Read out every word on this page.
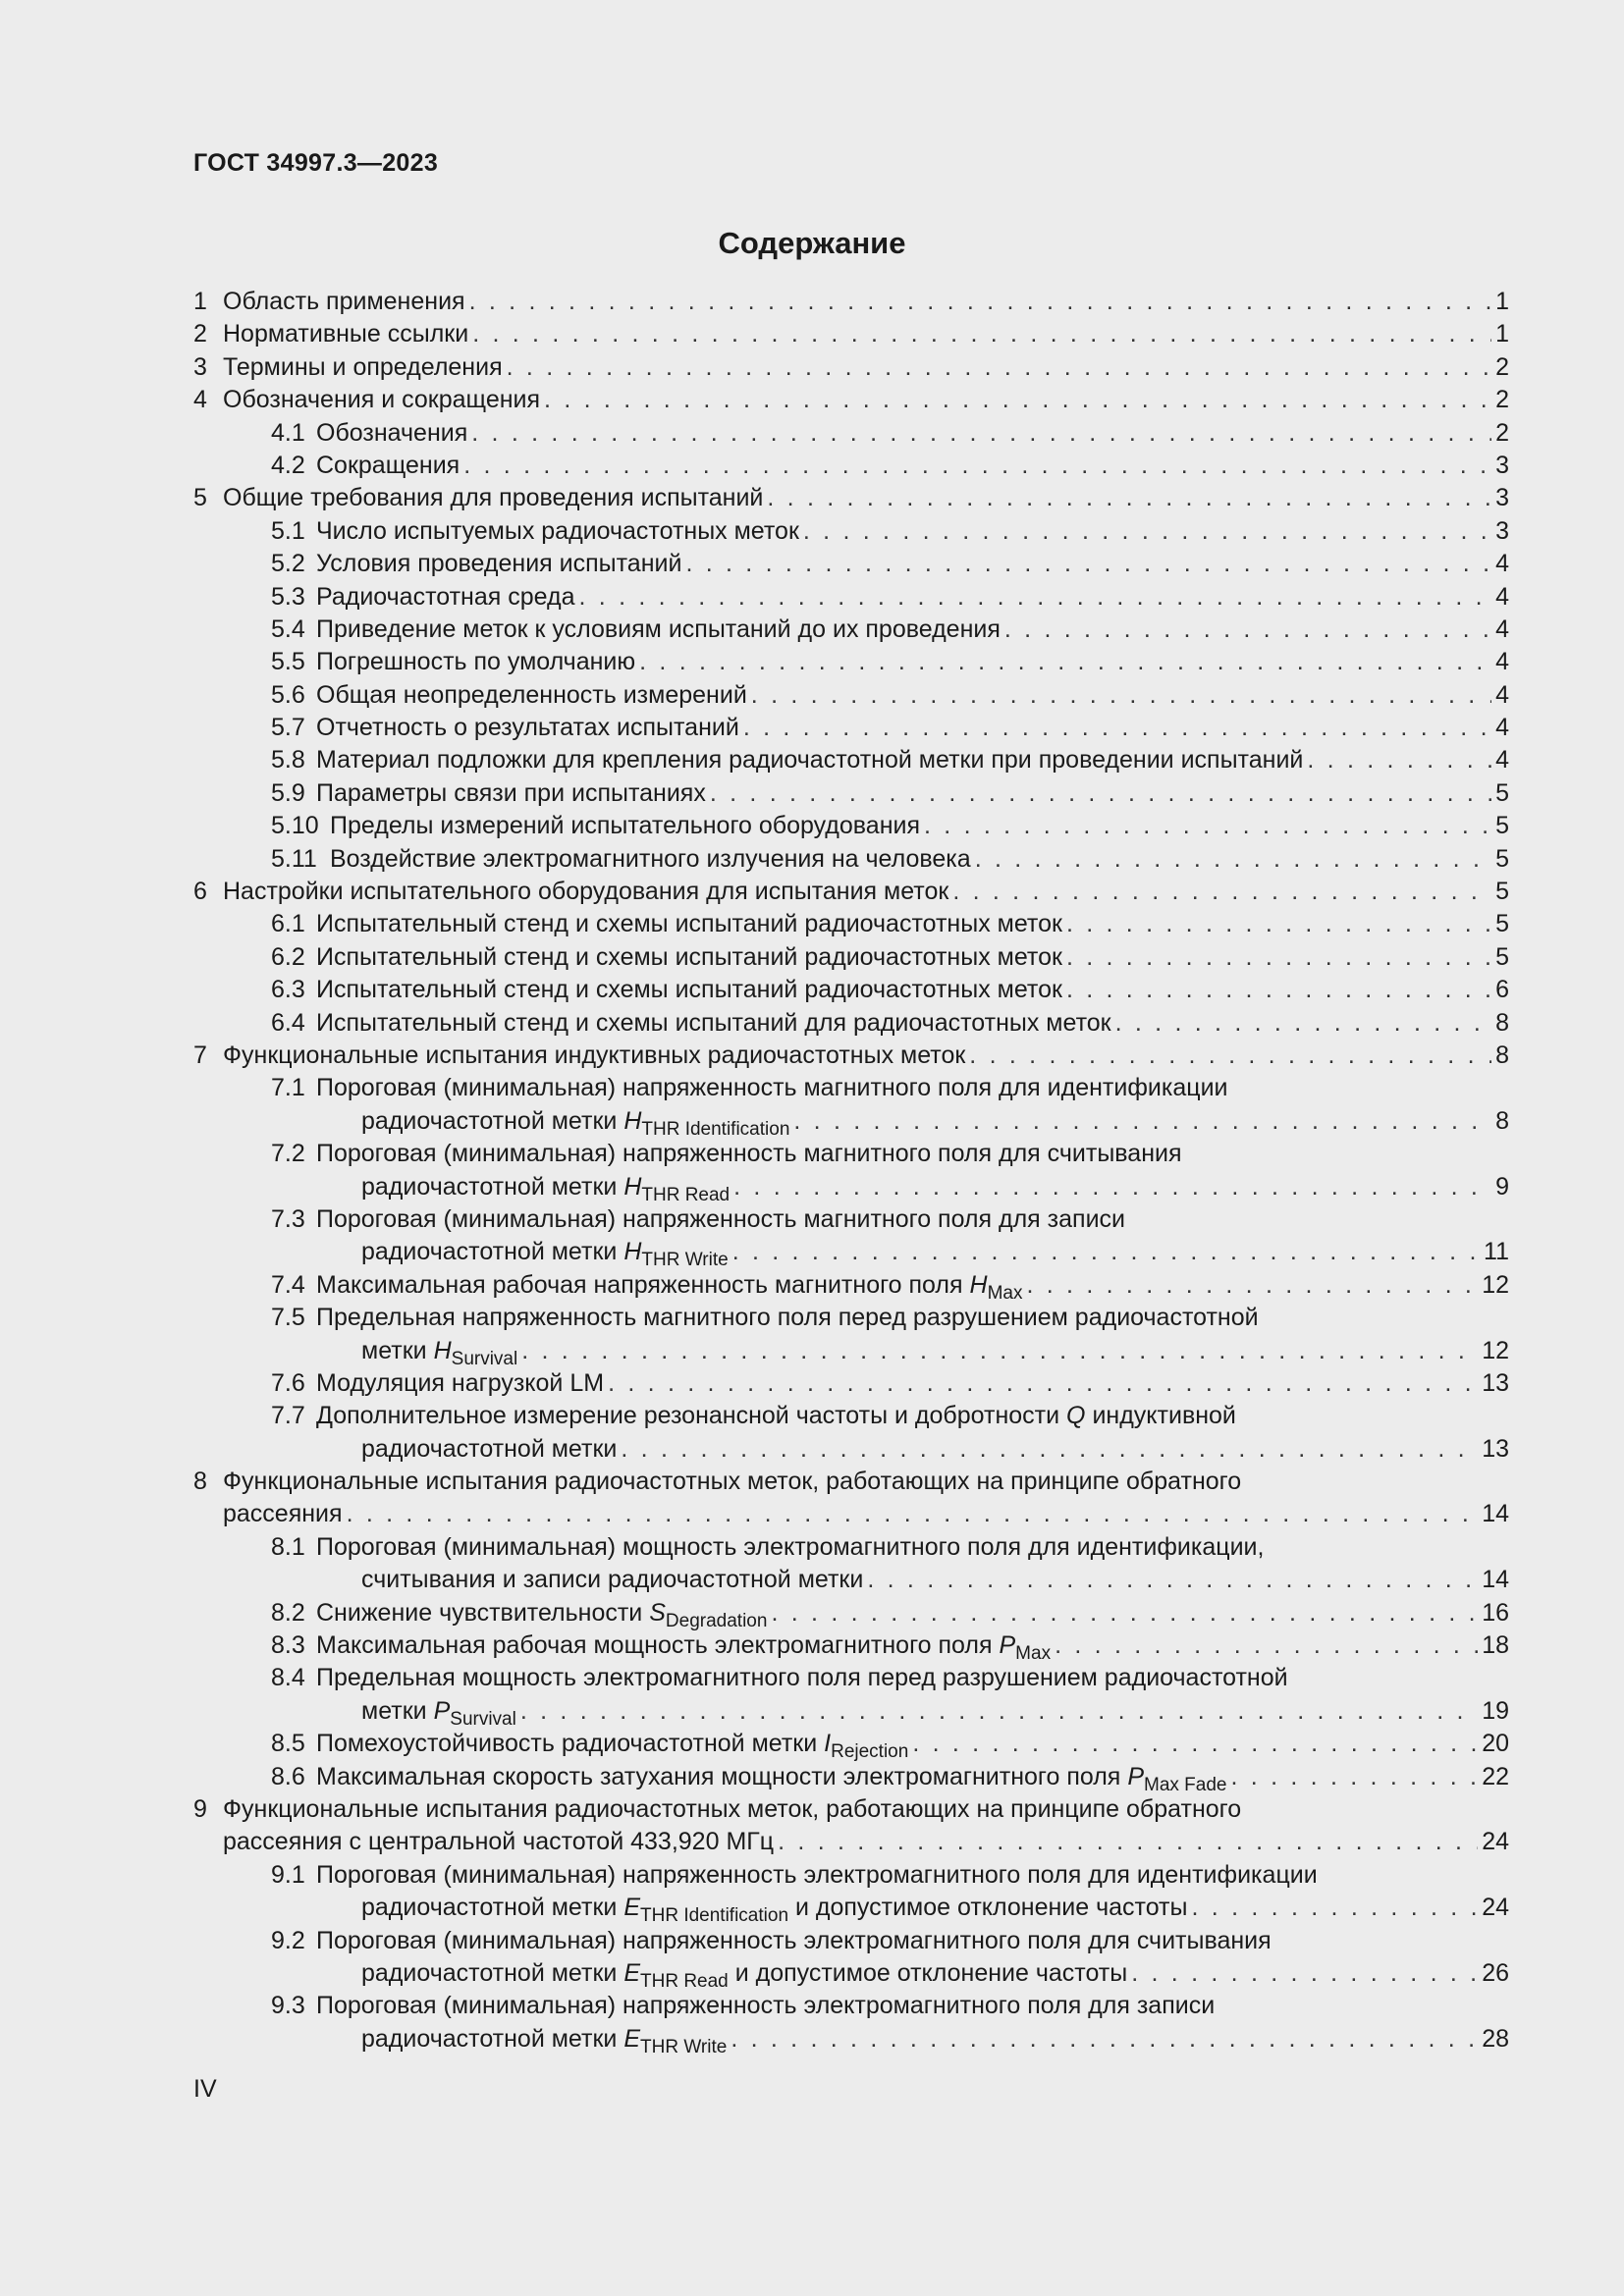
ГОСТ 34997.3—2023
Содержание
1 Область применения . . .	1
2 Нормативные ссылки . . .	1
3 Термины и определения . . .	2
4 Обозначения и сокращения . . .	2
4.1 Обозначения . . .	2
4.2 Сокращения . . .	3
5 Общие требования для проведения испытаний . . .	3
5.1 Число испытуемых радиочастотных меток . . .	3
5.2 Условия проведения испытаний . . .	4
5.3 Радиочастотная среда . . .	4
5.4 Приведение меток к условиям испытаний до их проведения . . .	4
5.5 Погрешность по умолчанию . . .	4
5.6 Общая неопределенность измерений . . .	4
5.7 Отчетность о результатах испытаний . . .	4
5.8 Материал подложки для крепления радиочастотной метки при проведении испытаний . . .	4
5.9 Параметры связи при испытаниях . . .	5
5.10 Пределы измерений испытательного оборудования . . .	5
5.11 Воздействие электромагнитного излучения на человека . . .	5
6 Настройки испытательного оборудования для испытания меток . . .	5
6.1 Испытательный стенд и схемы испытаний радиочастотных меток . . .	5
6.2 Испытательный стенд и схемы испытаний радиочастотных меток . . .	5
6.3 Испытательный стенд и схемы испытаний радиочастотных меток . . .	6
6.4 Испытательный стенд и схемы испытаний для радиочастотных меток . . .	8
7 Функциональные испытания индуктивных радиочастотных меток . . .	8
7.1 Пороговая (минимальная) напряженность магнитного поля для идентификации
радиочастотной метки $H_{THR Identification}$ . . .	8
7.2 Пороговая (минимальная) напряженность магнитного поля для считывания
радиочастотной метки $H_{THR Read}$ . . .	9
7.3 Пороговая (минимальная) напряженность магнитного поля для записи
радиочастотной метки $H_{THR Write}$ . . .	11
7.4 Максимальная рабочая напряженность магнитного поля $H_{Max}$ . . .	12
7.5 Предельная напряженность магнитного поля перед разрушением радиочастотной
метки $H_{Survival}$ . . .	12
7.6 Модуляция нагрузкой LM . . .	13
7.7 Дополнительное измерение резонансной частоты и добротности Q индуктивной
радиочастотной метки . . .	13
8 Функциональные испытания радиочастотных меток, работающих на принципе обратного
рассеяния . . .	14
8.1 Пороговая (минимальная) мощность электромагнитного поля для идентификации,
считывания и записи радиочастотной метки . . .	14
8.2 Снижение чувствительности $S_{Degradation}$ . . .	16
8.3 Максимальная рабочая мощность электромагнитного поля $P_{Max}$ . . .	18
8.4 Предельная мощность электромагнитного поля перед разрушением радиочастотной
метки $P_{Survival}$ . . .	19
8.5 Помехоустойчивость радиочастотной метки $I_{Rejection}$ . . .	20
8.6 Максимальная скорость затухания мощности электромагнитного поля $P_{Max Fade}$ . . .	22
9 Функциональные испытания радиочастотных меток, работающих на принципе обратного
рассеяния с центральной частотой 433,920 МГц . . .	24
9.1 Пороговая (минимальная) напряженность электромагнитного поля для идентификации
радиочастотной метки $E_{THR Identification}$ и допустимое отклонение частоты . . .	24
9.2 Пороговая (минимальная) напряженность электромагнитного поля для считывания
радиочастотной метки $E_{THR Read}$ и допустимое отклонение частоты . . .	26
9.3 Пороговая (минимальная) напряженность электромагнитного поля для записи
радиочастотной метки $E_{THR Write}$ . . .	28
IV
